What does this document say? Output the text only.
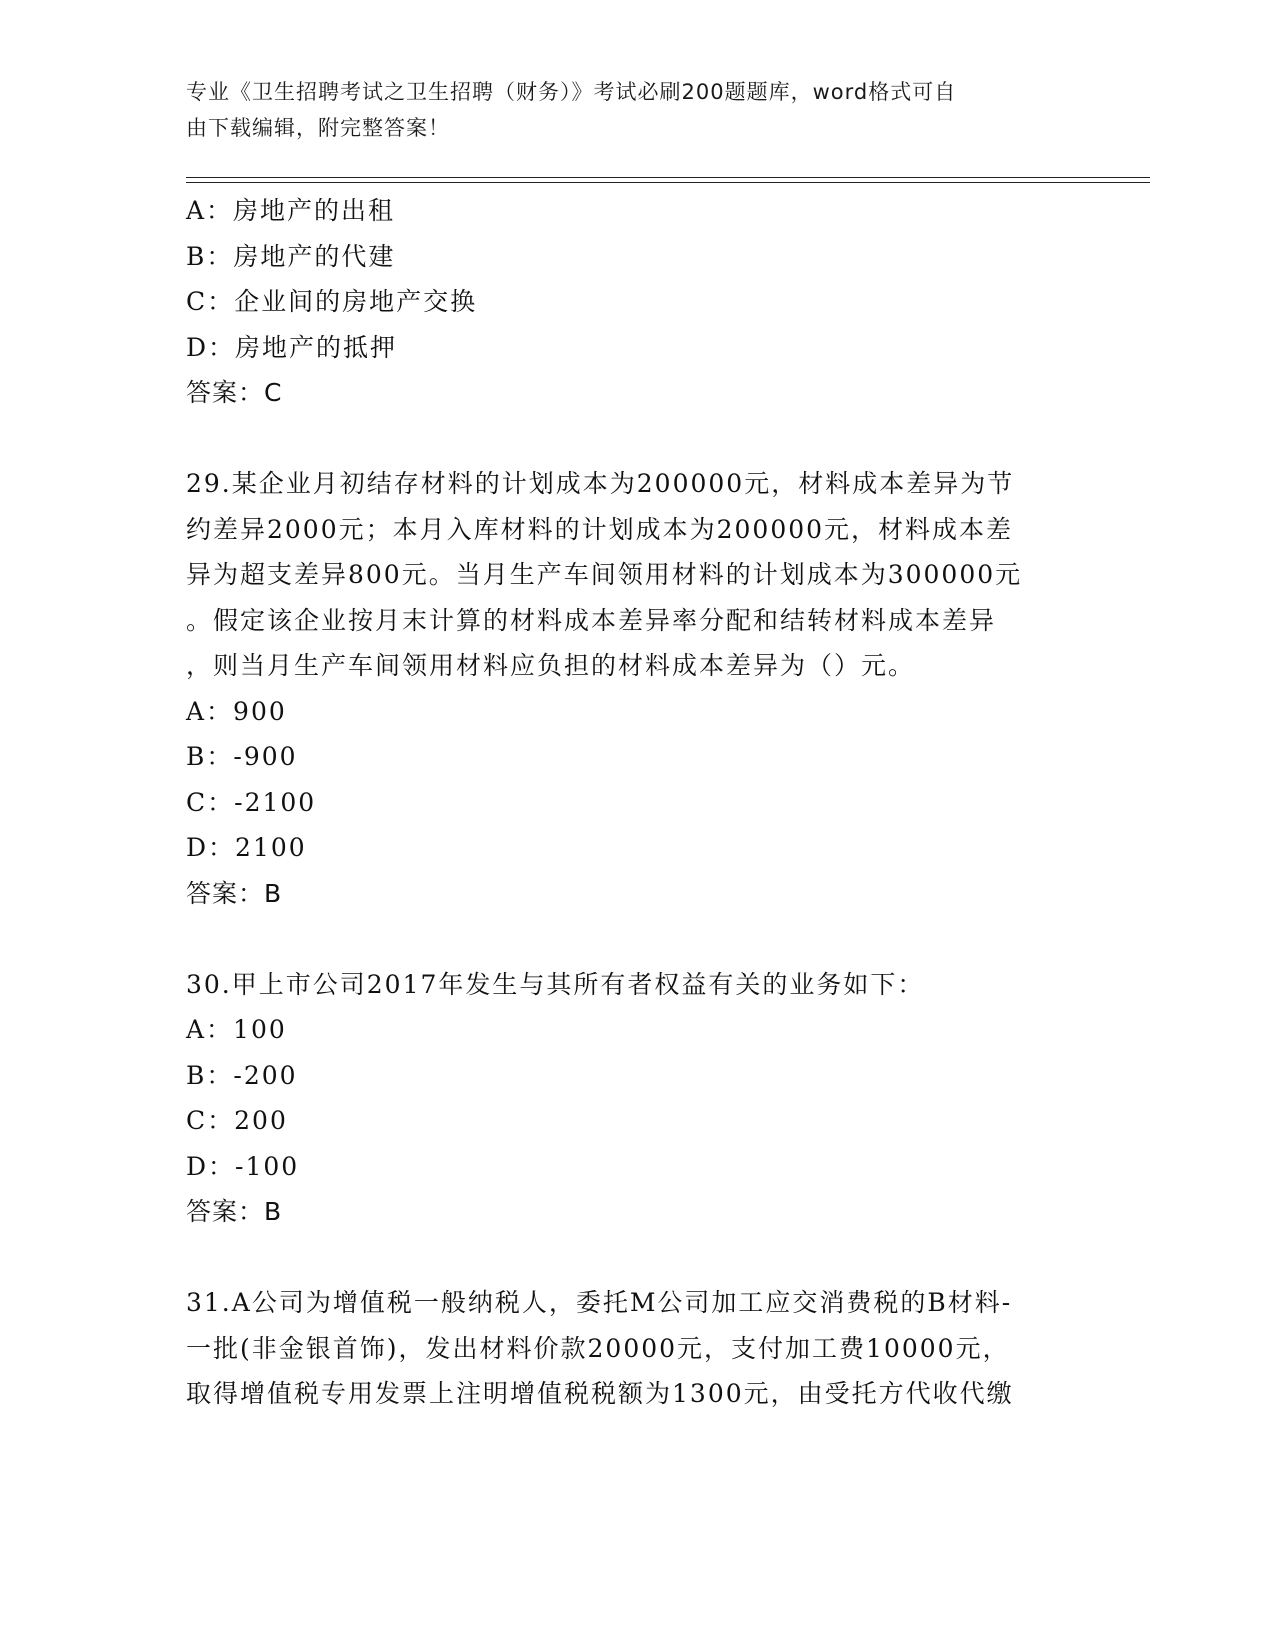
专业《卫生招聘考试之卫生招聘（财务）》考试必刷200题题库，word格式可自
由下载编辑，附完整答案！
A：房地产的出租
B：房地产的代建
C：企业间的房地产交换
D：房地产的抵押
答案：C
29.某企业月初结存材料的计划成本为200000元，材料成本差异为节
约差异2000元；本月入库材料的计划成本为200000元，材料成本差
异为超支差异800元。当月生产车间领用材料的计划成本为300000元
。假定该企业按月末计算的材料成本差异率分配和结转材料成本差异
，则当月生产车间领用材料应负担的材料成本差异为（）元。
A：900
B：-900
C：-2100
D：2100
答案：B
30.甲上市公司2017年发生与其所有者权益有关的业务如下：
A：100
B：-200
C：200
D：-100
答案：B
31.A公司为增值税一般纳税人，委托M公司加工应交消费税的B材料-
一批(非金银首饰)，发出材料价款20000元，支付加工费10000元，
取得增值税专用发票上注明增值税税额为1300元，由受托方代收代缴
